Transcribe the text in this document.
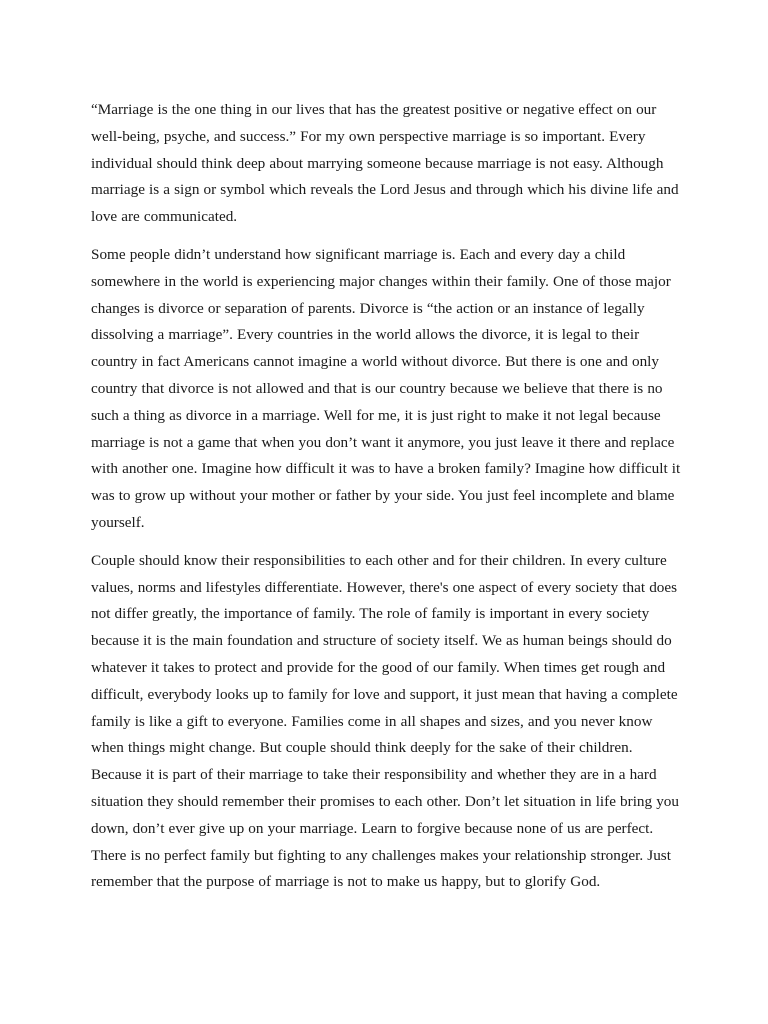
“Marriage is the one thing in our lives that has the greatest positive or negative effect on our well-being, psyche, and success.” For my own perspective marriage is so important. Every individual should think deep about marrying someone because marriage is not easy. Although marriage is a sign or symbol which reveals the Lord Jesus and through which his divine life and love are communicated.

Some people didn’t understand how significant marriage is. Each and every day a child somewhere in the world is experiencing major changes within their family. One of those major changes is divorce or separation of parents. Divorce is “the action or an instance of legally dissolving a marriage”. Every countries in the world allows the divorce, it is legal to their country in fact Americans cannot imagine a world without divorce. But there is one and only country that divorce is not allowed and that is our country because we believe that there is no such a thing as divorce in a marriage. Well for me, it is just right to make it not legal because marriage is not a game that when you don’t want it anymore, you just leave it there and replace with another one. Imagine how difficult it was to have a broken family? Imagine how difficult it was to grow up without your mother or father by your side. You just feel incomplete and blame yourself.

Couple should know their responsibilities to each other and for their children. In every culture values, norms and lifestyles differentiate. However, there's one aspect of every society that does not differ greatly, the importance of family. The role of family is important in every society because it is the main foundation and structure of society itself. We as human beings should do whatever it takes to protect and provide for the good of our family. When times get rough and difficult, everybody looks up to family for love and support, it just mean that having a complete family is like a gift to everyone. Families come in all shapes and sizes, and you never know when things might change. But couple should think deeply for the sake of their children. Because it is part of their marriage to take their responsibility and whether they are in a hard situation they should remember their promises to each other. Don’t let situation in life bring you down, don’t ever give up on your marriage. Learn to forgive because none of us are perfect. There is no perfect family but fighting to any challenges makes your relationship stronger. Just remember that the purpose of marriage is not to make us happy, but to glorify God.
